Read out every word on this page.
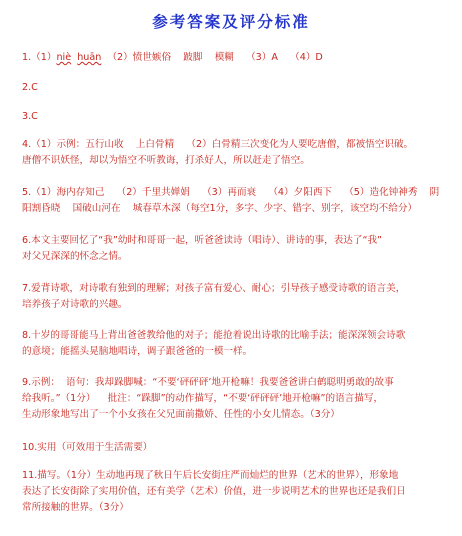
参考答案及评分标准
1.（1）niè huān  （2）愤世嫉俗    跛脚    模糊    （3）A    （4）D
2.C
3.C
4.（1）示例：五行山收    上白骨精    （2）白骨精三次变化为人要吃唐僧，都被悟空识破。
唐僧不识妖怪，却以为悟空不听教诲，打杀好人，所以赶走了悟空。
5.（1）海内存知己    （2）千里共婵娟    （3）再而衰    （4）夕阳西下    （5）造化钟神秀    阴
阳割昏晓    国破山河在    城春草木深（每空1分，多字、少字、错字、别字，该空均不给分）
6.本文主要回忆了“我”幼时和哥哥一起，听爸爸读诗（唱诗）、讲诗的事，表达了“我”
对父兄深深的怀念之情。
7.爱背诗歌，对诗歌有独到的理解；对孩子富有爱心、耐心；引导孩子感受诗歌的语言美，
培养孩子对诗歌的兴趣。
8.十岁的哥哥能马上背出爸爸教给他的对子；能抢着说出诗歌的比喻手法；能深深领会诗歌
的意境；能摇头晃脑地唱诗，调子跟爸爸的一模一样。
9.示例：  语句：我却跺脚喊：“不要‘砰砰砰’地开枪嘛！我要爸爸讲白鹤聪明勇敢的故事
给我听。”（1分）    批注：“跺脚”的动作描写，“不要‘砰砰砰’地开枪嘛”的语言描写，
生动形象地写出了一个小女孩在父兄面前撒娇、任性的小女儿情态。（3分）
10.实用（可效用于生活需要）
11.描写。（1分）生动地再现了秋日午后长安街庄严而灿烂的世界（艺术的世界），形象地
表达了长安街除了实用价值，还有美学（艺术）价值，进一步说明艺术的世界也还是我们日
常所接触的世界。（3分）
